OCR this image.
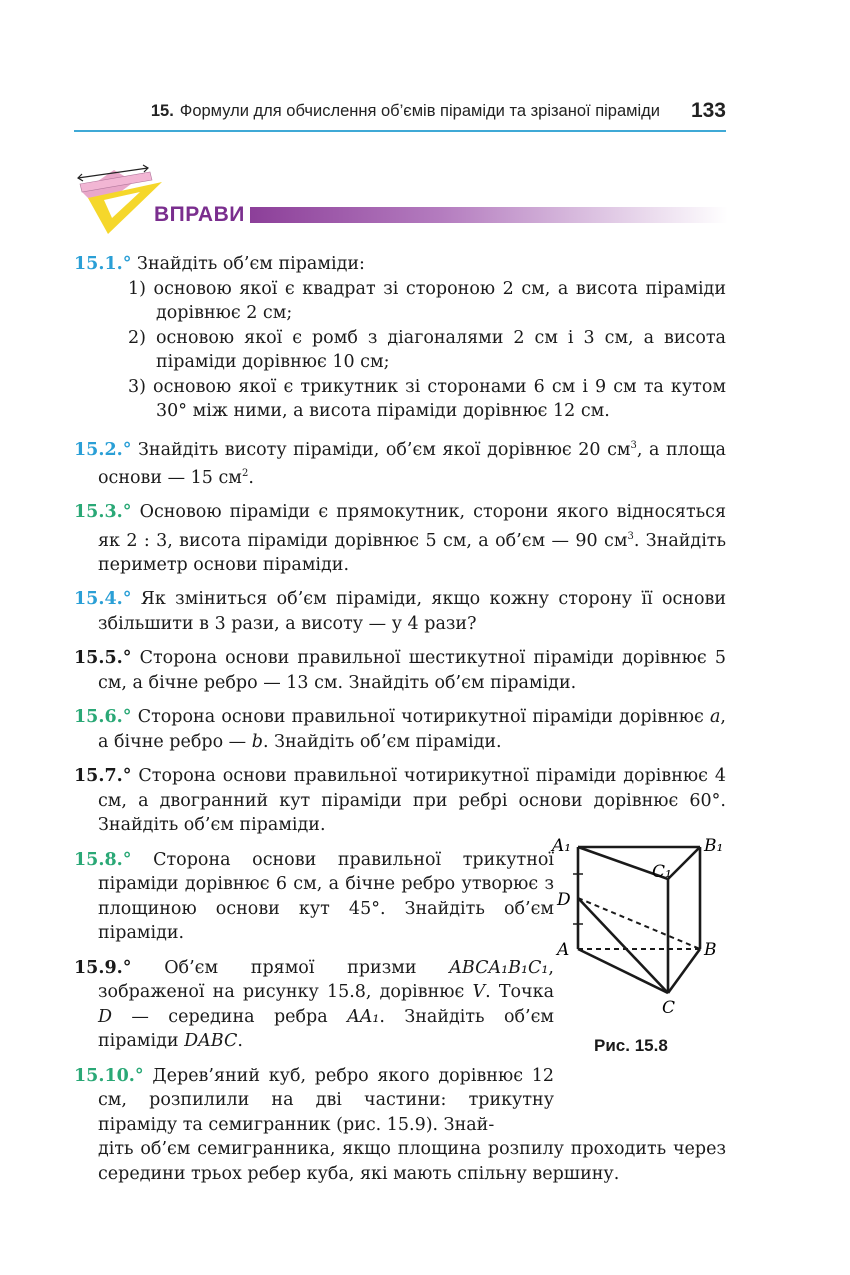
15. Формули для обчислення об’ємів піраміди та зрізаної піраміди 133
ВПРАВИ
15.1.° Знайдіть об’єм піраміди:
1) основою якої є квадрат зі стороною 2 см, а висота піраміди дорівнює 2 см;
2) основою якої є ромб з діагоналями 2 см і 3 см, а висота піраміди дорівнює 10 см;
3) основою якої є трикутник зі сторонами 6 см і 9 см та кутом 30° між ними, а висота піраміди дорівнює 12 см.
15.2.° Знайдіть висоту піраміди, об’єм якої дорівнює 20 $см^3$, а площа основи — 15 $см^2$.
15.3.° Основою піраміди є прямокутник, сторони якого відносяться як 2 : 3, висота піраміди дорівнює 5 см, а об’єм — 90 $см^3$. Знайдіть периметр основи піраміди.
15.4.° Як зміниться об’єм піраміди, якщо кожну сторону її основи збільшити в 3 рази, а висоту — у 4 рази?
15.5.° Сторона основи правильної шестикутної піраміди дорівнює 5 см, а бічне ребро — 13 см. Знайдіть об’єм піраміди.
15.6.° Сторона основи правильної чотирикутної піраміди дорівнює a, а бічне ребро — b. Знайдіть об’єм піраміди.
15.7.° Сторона основи правильної чотирикутної піраміди дорівнює 4 см, а двогранний кут піраміди при ребрі основи дорівнює 60°. Знайдіть об’єм піраміди.
15.8.° Сторона основи правильної трикутної піраміди дорівнює 6 см, а бічне ребро утворює з площиною основи кут 45°. Знайдіть об’єм піраміди.
15.9.° Об’єм прямої призми ABCA₁B₁C₁, зображеної на рисунку 15.8, дорівнює V. Точка D — середина ребра AA₁. Знайдіть об’єм піраміди DABC.
15.10.° Дерев’яний куб, ребро якого дорівнює 12 см, розпилили на дві частини: трикутну піраміду та семигранник (рис. 15.9). Знай-
діть об’єм семигранника, якщо площина розпилу проходить через середини трьох ребер куба, які мають спільну вершину.
A₁	B₁
C₁
D
A	B
C
Рис. 15.8
